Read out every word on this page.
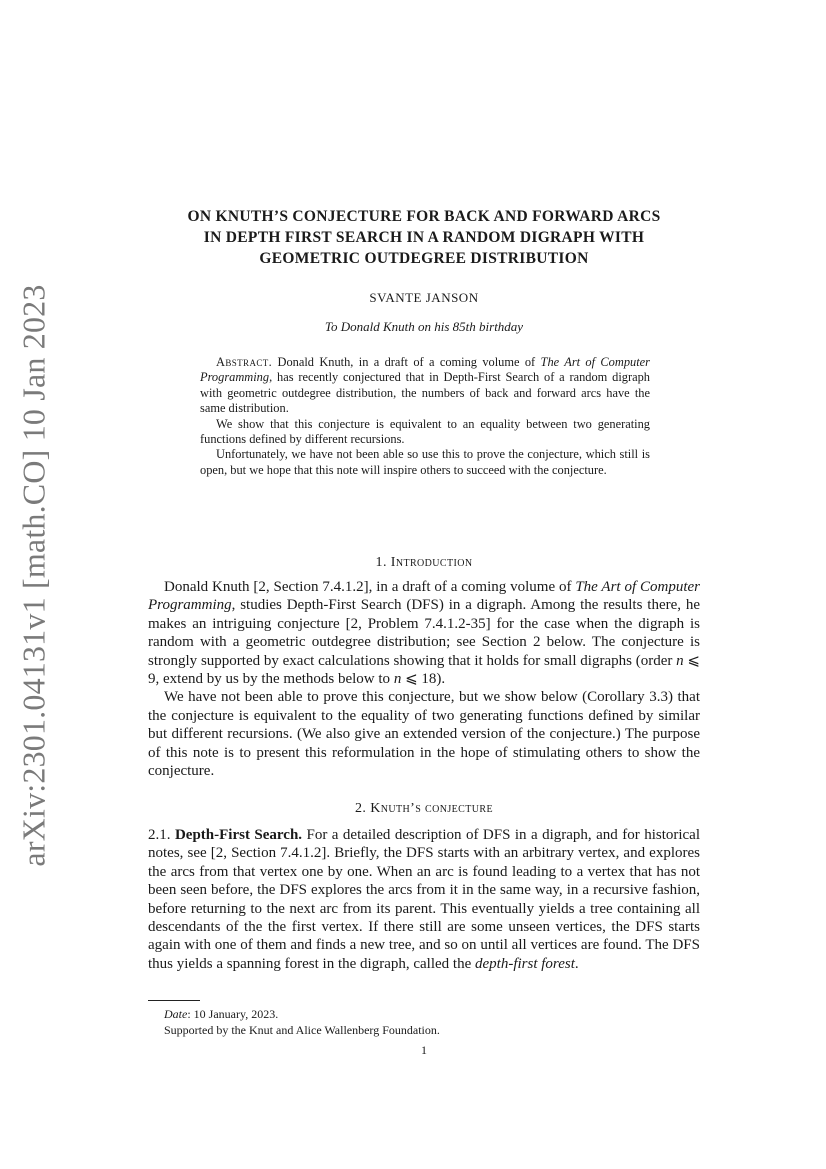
arXiv:2301.04131v1 [math.CO] 10 Jan 2023
ON KNUTH’S CONJECTURE FOR BACK AND FORWARD ARCS
IN DEPTH FIRST SEARCH IN A RANDOM DIGRAPH WITH
GEOMETRIC OUTDEGREE DISTRIBUTION
SVANTE JANSON
To Donald Knuth on his 85th birthday

Abstract. Donald Knuth, in a draft of a coming volume of The Art of Computer Programming, has recently conjectured that in Depth-First Search of a random digraph with geometric outdegree distribution, the numbers of back and forward arcs have the same distribution.

We show that this conjecture is equivalent to an equality between two generating functions defined by different recursions.

Unfortunately, we have not been able so use this to prove the conjecture, which still is open, but we hope that this note will inspire others to succeed with the conjecture.

1. Introduction

Donald Knuth [2, Section 7.4.1.2], in a draft of a coming volume of The Art of Computer Programming, studies Depth-First Search (DFS) in a digraph. Among the results there, he makes an intriguing conjecture [2, Problem 7.4.1.2-35] for the case when the digraph is random with a geometric outdegree distribution; see Section 2 below. The conjecture is strongly supported by exact calculations showing that it holds for small digraphs (order n ⩽ 9, extend by us by the methods below to n ⩽ 18).

We have not been able to prove this conjecture, but we show below (Corollary 3.3) that the conjecture is equivalent to the equality of two generating functions defined by similar but different recursions. (We also give an extended version of the conjecture.) The purpose of this note is to present this reformulation in the hope of stimulating others to show the conjecture.

2. Knuth’s conjecture

2.1. Depth-First Search. For a detailed description of DFS in a digraph, and for historical notes, see [2, Section 7.4.1.2]. Briefly, the DFS starts with an arbitrary vertex, and explores the arcs from that vertex one by one. When an arc is found leading to a vertex that has not been seen before, the DFS explores the arcs from it in the same way, in a recursive fashion, before returning to the next arc from its parent. This eventually yields a tree containing all descendants of the the first vertex. If there still are some unseen vertices, the DFS starts again with one of them and finds a new tree, and so on until all vertices are found. The DFS thus yields a spanning forest in the digraph, called the depth-first forest.

Date: 10 January, 2023.
Supported by the Knut and Alice Wallenberg Foundation.
1
